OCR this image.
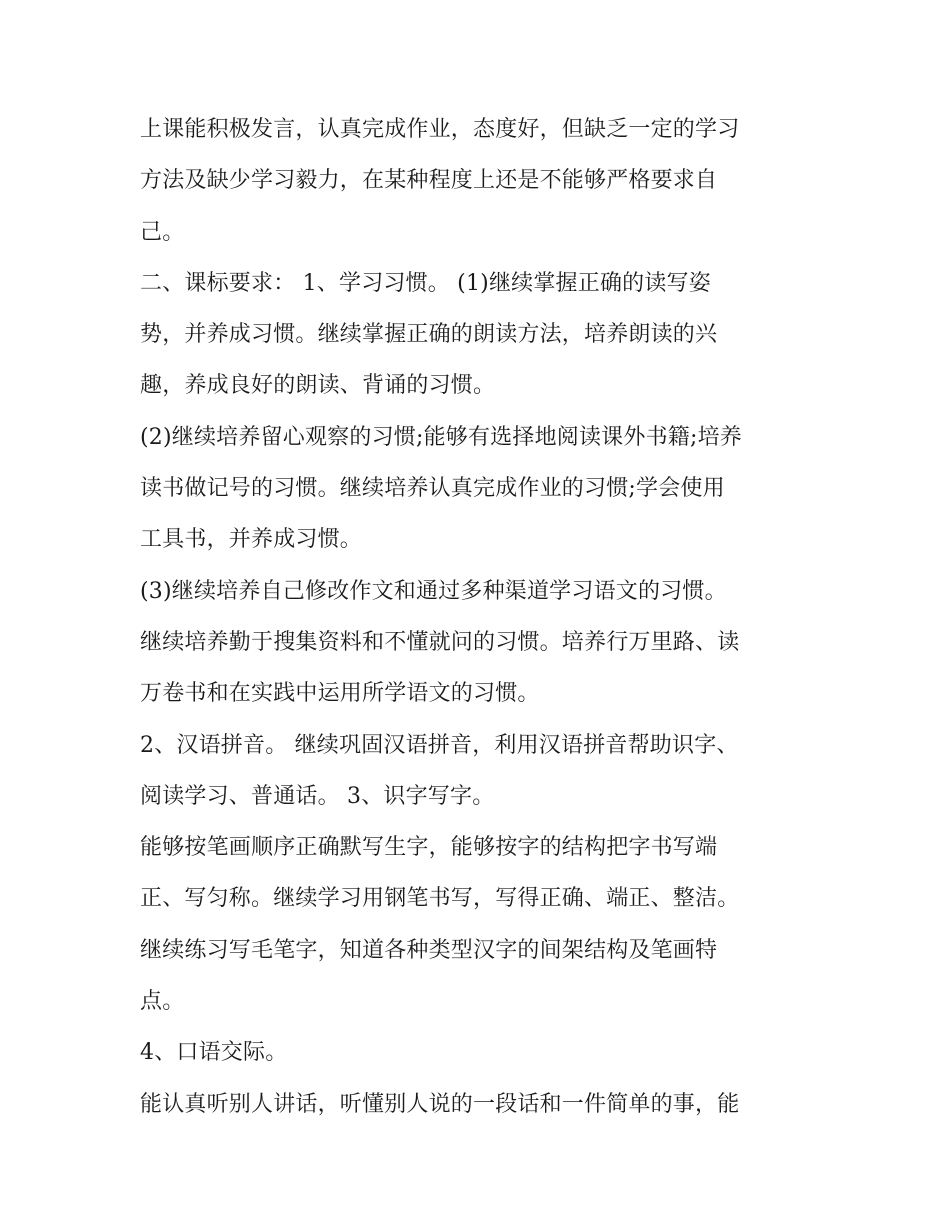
上课能积极发言，认真完成作业，态度好，但缺乏一定的学习
方法及缺少学习毅力，在某种程度上还是不能够严格要求自
己。
二、课标要求： 1、学习习惯。 (1)继续掌握正确的读写姿
势，并养成习惯。继续掌握正确的朗读方法，培养朗读的兴
趣，养成良好的朗读、背诵的习惯。
(2)继续培养留心观察的习惯;能够有选择地阅读课外书籍;培养
读书做记号的习惯。继续培养认真完成作业的习惯;学会使用
工具书，并养成习惯。
(3)继续培养自己修改作文和通过多种渠道学习语文的习惯。
继续培养勤于搜集资料和不懂就问的习惯。培养行万里路、读
万卷书和在实践中运用所学语文的习惯。
2、汉语拼音。 继续巩固汉语拼音，利用汉语拼音帮助识字、
阅读学习、普通话。 3、识字写字。
能够按笔画顺序正确默写生字，能够按字的结构把字书写端
正、写匀称。继续学习用钢笔书写，写得正确、端正、整洁。
继续练习写毛笔字，知道各种类型汉字的间架结构及笔画特
点。
4、口语交际。
能认真听别人讲话，听懂别人说的一段话和一件简单的事，能
